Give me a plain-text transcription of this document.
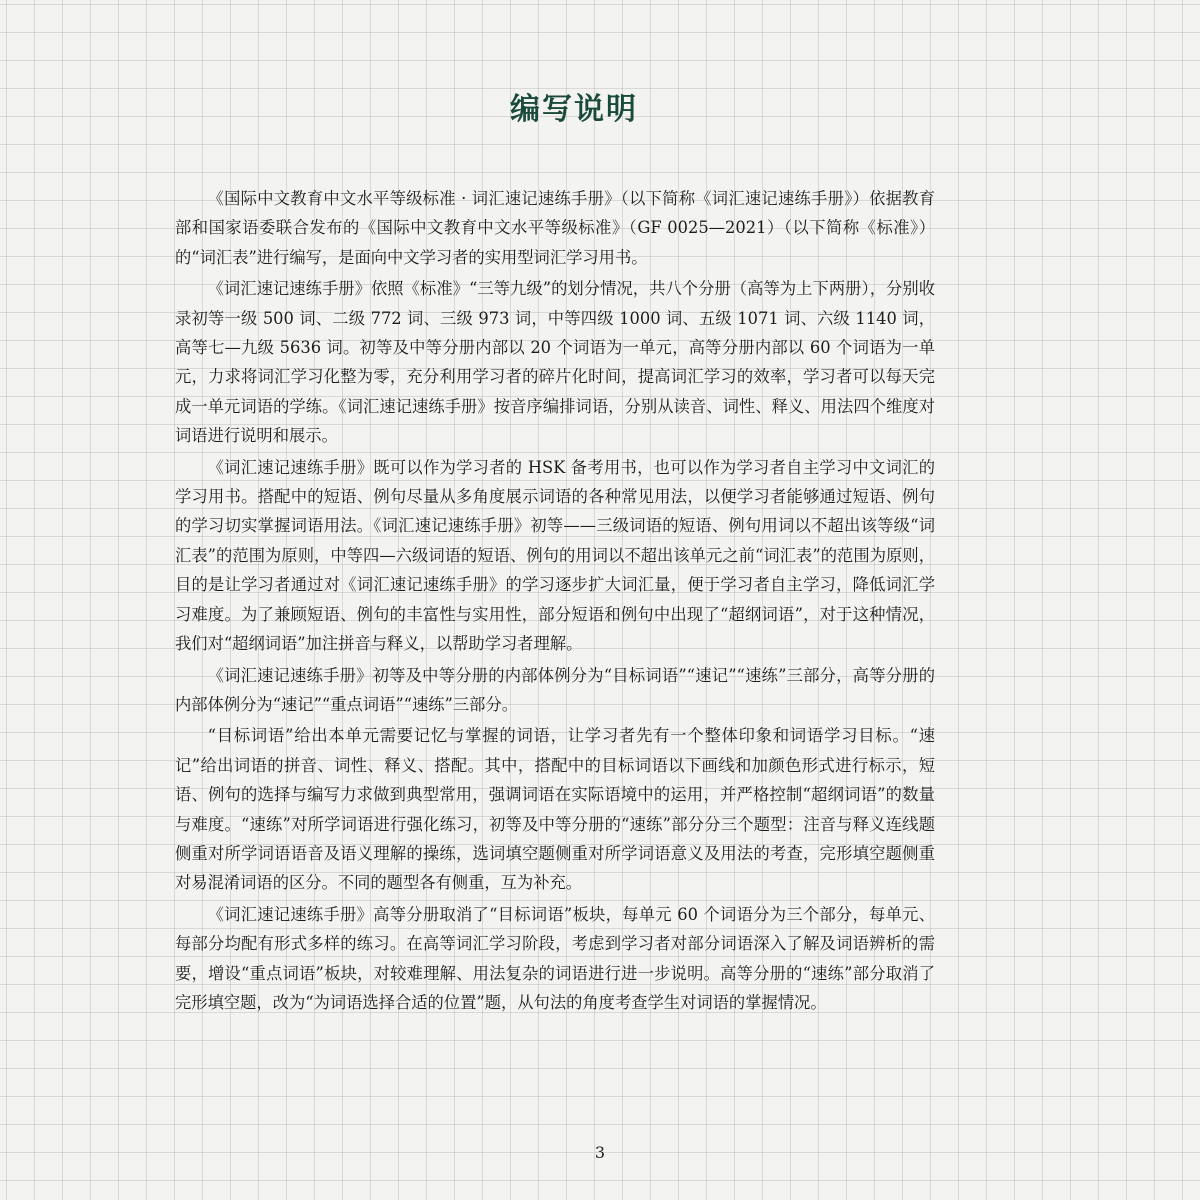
编写说明

《国际中文教育中文水平等级标准 · 词汇速记速练手册》（以下简称《词汇速记速练手册》）依据教育部和国家语委联合发布的《国际中文教育中文水平等级标准》（GF 0025—2021）（以下简称《标准》）的“词汇表”进行编写，是面向中文学习者的实用型词汇学习用书。

《词汇速记速练手册》依照《标准》“三等九级”的划分情况，共八个分册（高等为上下两册），分别收录初等一级 500 词、二级 772 词、三级 973 词，中等四级 1000 词、五级 1071 词、六级 1140 词，高等七—九级 5636 词。初等及中等分册内部以 20 个词语为一单元，高等分册内部以 60 个词语为一单元，力求将词汇学习化整为零，充分利用学习者的碎片化时间，提高词汇学习的效率，学习者可以每天完成一单元词语的学练。《词汇速记速练手册》按音序编排词语，分别从读音、词性、释义、用法四个维度对词语进行说明和展示。

《词汇速记速练手册》既可以作为学习者的 HSK 备考用书，也可以作为学习者自主学习中文词汇的学习用书。搭配中的短语、例句尽量从多角度展示词语的各种常见用法，以便学习者能够通过短语、例句的学习切实掌握词语用法。《词汇速记速练手册》初等——三级词语的短语、例句用词以不超出该等级“词汇表”的范围为原则，中等四—六级词语的短语、例句的用词以不超出该单元之前“词汇表”的范围为原则，目的是让学习者通过对《词汇速记速练手册》的学习逐步扩大词汇量，便于学习者自主学习，降低词汇学习难度。为了兼顾短语、例句的丰富性与实用性，部分短语和例句中出现了“超纲词语”，对于这种情况，我们对“超纲词语”加注拼音与释义，以帮助学习者理解。

《词汇速记速练手册》初等及中等分册的内部体例分为“目标词语”“速记”“速练”三部分，高等分册的内部体例分为“速记”“重点词语”“速练”三部分。

“目标词语”给出本单元需要记忆与掌握的词语，让学习者先有一个整体印象和词语学习目标。“速记”给出词语的拼音、词性、释义、搭配。其中，搭配中的目标词语以下画线和加颜色形式进行标示，短语、例句的选择与编写力求做到典型常用，强调词语在实际语境中的运用，并严格控制“超纲词语”的数量与难度。“速练”对所学词语进行强化练习，初等及中等分册的“速练”部分分三个题型：注音与释义连线题侧重对所学词语语音及语义理解的操练，选词填空题侧重对所学词语意义及用法的考查，完形填空题侧重对易混淆词语的区分。不同的题型各有侧重，互为补充。

《词汇速记速练手册》高等分册取消了“目标词语”板块，每单元 60 个词语分为三个部分，每单元、每部分均配有形式多样的练习。在高等词汇学习阶段，考虑到学习者对部分词语深入了解及词语辨析的需要，增设“重点词语”板块，对较难理解、用法复杂的词语进行进一步说明。高等分册的“速练”部分取消了完形填空题，改为“为词语选择合适的位置”题，从句法的角度考查学生对词语的掌握情况。

3
